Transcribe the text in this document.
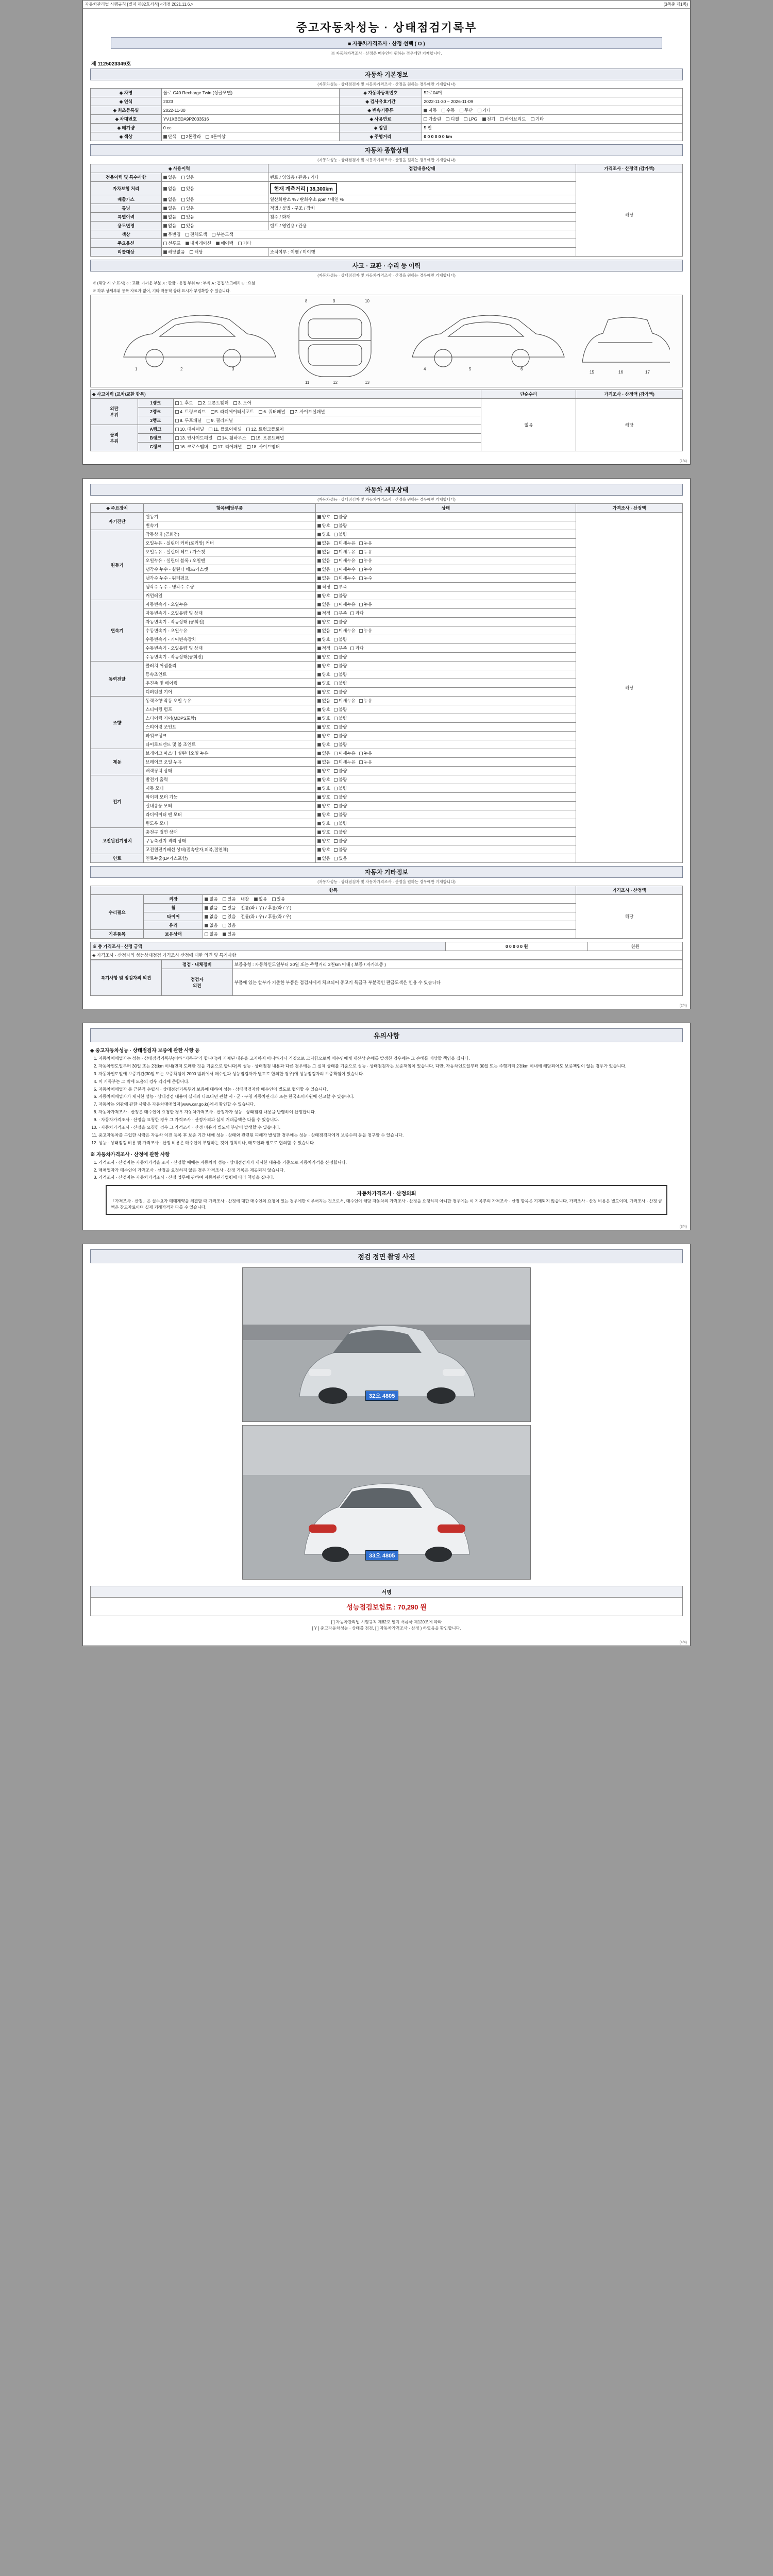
자동차관리법 시행규칙 [별지 제82호서식] <개정 2021.11.6.>	(3쪽중 제1쪽)
중고자동차성능 · 상태점검기록부
■ 자동차가격조사 · 산정 선택 ( O )
※ 자동차가격조사 · 산정은 매수인이 원하는 경우에만 기재합니다.
제 1125023349호
자동차 기본정보
(자동차성능 · 상태점검자 및 자동차가격조사 · 산정을 원하는 경우에만 기재합니다)
◈ 차명	폴로 C40 Recharge Twin (싱글모델)	◈ 자동차등록번호	52로04머
◈ 연식	2023	◈ 검사유효기간	2022-11-30 ~ 2026-11-09
◈ 최초등록일	2022-11-30	◈ 변속기종류	자동 수동 무단 기타
◈ 차대번호	YV1XBEDA9P2033516	◈ 사용연료	가솔린 디젤 LPG 전기 하이브리드 기타
◈ 배기량	0 cc	◈ 정원	5 인
◈ 색상	단색 2톤칼라 3톤이상	◈ 주행거리	0 0 0 0 0 0 km
자동차 종합상태
(자동차성능 · 상태점검자 및 자동차가격조사 · 산정을 원하는 경우에만 기재합니다)
◈ 사용이력		점검내용/상태	가격조사 · 산정액 (감가액)
전용이력 및 특수사항	없음 있음	렌트 / 영업용 / 관용 / 기타	해당
자차보험 처리	없음 있음	현재 계측거리 | 38,300km	
배출가스	없음 있음	일산화탄소 % / 탄화수소 ppm / 매연 %	
튜닝	없음 있음	적법 / 불법 · 구조 / 장치	
특별이력	없음 있음	침수 / 화재	
용도변경	없음 있음	렌트 / 영업용 / 관용	
색상	무변경 전체도색 부분도색		
주요옵션	선루프 내비게이션 에어백 기타		
리콜대상	해당없음 해당	조치여부 : 이행 / 미이행	
사고 · 교환 · 수리 등 이력
(자동차성능 · 상태점검자 및 자동차가격조사 · 산정을 원하는 경우에만 기재합니다)
※ (해당 시 '√' 표시) ○ : 교환, 가까운 부분 X : 판금 · 용접 부위 W : 부식 A : 흠집/스크래치 U : 요철
※ 하부 상세부위 등록 자료가 없어, 기타 작용적 상태 표시가 부정확할 수 있습니다.
1	2	3
8	9	10
11	12	13
4	5	6
15	16	17
◈ 사고이력 (교차/교환 항목)			단순수리	가격조사 · 산정액 (감가액)
외판
부위	1랭크	1. 후드 2. 프론트휀더 3. 도어	없음	해당
	2랭크	4. 트렁크리드 5. 라디에이터서포트 6. 쿼터패널 7. 사이드실패널		
	3랭크	8. 루프패널 9. 필러패널		
골격
부위	A랭크	10. 대쉬패널 11. 플로어패널 12. 트렁크플로어		
	B랭크	13. 인사이드패널 14. 휠하우스 15. 프론트패널		
	C랭크	16. 크로스멤버 17. 리어패널 18. 사이드멤버		
(1/4)
자동차 세부상태
(자동차성능 · 상태점검자 및 자동차가격조사 · 산정을 원하는 경우에만 기재합니다)
◈ 주요장치	항목/해당부품	상태	가격조사 · 산정액
자기진단	원동기	양호 불량	해당
	변속기	양호 불량	
원동기	작동상태 (공회전)	양호 불량	
	오일누유 - 실린더 커버(로커암) 커버	없음 미세누유 누유	
	오일누유 - 실린더 헤드 / 가스켓	없음 미세누유 누유	
	오일누유 - 실린더 블록 / 오일팬	없음 미세누유 누유	
	냉각수 누수 - 실린더 헤드/가스켓	없음 미세누수 누수	
	냉각수 누수 - 워터펌프	없음 미세누수 누수	
	냉각수 누수 - 냉각수 수량	적정 부족	
	커먼레일	양호 불량	
변속기	자동변속기 - 오일누유	없음 미세누유 누유	
	자동변속기 - 오일유량 및 상태	적정 부족 과다	
	자동변속기 - 작동상태 (공회전)	양호 불량	
	수동변속기 - 오일누유	없음 미세누유 누유	
	수동변속기 - 기어변속장치	양호 불량	
	수동변속기 - 오일유량 및 상태	적정 부족 과다	
	수동변속기 - 작동상태(공회전)	양호 불량	
동력전달	클러치 어셈블리	양호 불량	
	등속조인트	양호 불량	
	추진축 및 베어링	양호 불량	
	디퍼렌셜 기어	양호 불량	
조향	동력조향 작동 오일 누유	없음 미세누유 누유	
	스티어링 펌프	양호 불량	
	스티어링 기어(MDPS포함)	양호 불량	
	스티어링 조인트	양호 불량	
	파워크랭크	양호 불량	
	타이로드엔드 및 볼 조인트	양호 불량	
제동	브레이크 마스터 실린더오일 누유	없음 미세누유 누유	
	브레이크 오일 누유	없음 미세누유 누유	
	배력장치 상태	양호 불량	
전기	발전기 출력	양호 불량	
	시동 모터	양호 불량	
	와이퍼 모터 기능	양호 불량	
	실내송풍 모터	양호 불량	
	라디에이터 팬 모터	양호 불량	
	윈도우 모터	양호 불량	
고전원전기장치	충전구 절연 상태	양호 불량	
	구동축전지 격리 상태	양호 불량	
	고전원전기배선 상태(접속단자,피복,절연체)	양호 불량	
연료	연료누출(LP가스포함)	없음 있음	
자동차 기타정보
(자동차성능 · 상태점검자 및 자동차가격조사 · 산정을 원하는 경우에만 기재합니다)
항목			가격조사 · 산정액
수리필요	외장	없음 있음 내장 없음 있음	해당
	휠	없음 있음 전륜(좌 / 우) / 후륜(좌 / 우)	
	타이어	없음 있음 전륜(좌 / 우) / 후륜(좌 / 우)	
	유리	없음 있음	
기본품목	보유상태	없음 있음	
※ 총 가격조사 · 산정 금액	0 0 0 0 0 원	천원
◈ 가격조사 · 산정자의 성능상태점검 가격조사 산정에 대한 의견 및 특기사항
특기사항 및 점검자의 의견	점검 · 내체정비	보증유형 : 자동차인도일부터 30일 또는 주행거리 2천km 이내 ( 보증 / 자가보증 )
	점검자
의견	부품에 있는 할부가 기준한 부품은 점검시에서 체크되어 중고기 특급규 부분적인 판금도색은 인용 수 있습니다
(2/4)
유의사항
◈ 중고자동차성능 · 상태점검자 보증에 관한 사항 등
1. 자동차매매업자는 성능 · 상태점검기록부(이하 "기록부"라 합니다)에 기재된 내용을 고지하지 아니하거나 거짓으로 고지함으로써 매수인에게 재산상 손해를 발생한 경우에는 그 손해를 배상할 책임을 집니다.
2. 자동차인도일부터 30일 또는 2천km 이내(먼저 도래한 것을 기준으로 합니다)의 성능 · 상태점검 내용과 다른 경우에는 그 실제 상태를 기준으로 성능 · 상태점검자는 보증책임이 있습니다. 다만, 자동차인도일부터 30일 또는 주행거리 2천km 이내에 해당되어도 보증책임이 없는 경우가 있습니다.
3. 자동차인도일에 보증기간(30일 또는 보증책임이 2000 범위에서 매수인과 성능점검자가 별도로 합의한 경우)에 성능점검자의 보증책임이 있습니다.
4. 이 기록부는 그 밖에 도움의 경우 각각에 준합니다.
5. 자동차매매업자 등 근본적 수립시 · 상태점검기록부와 보증에 대하여 성능 · 상태점검자와 매수인이 별도로 협의할 수 있습니다.
6. 자동차매매업자가 제시한 성능 · 상태점검 내용이 실제와 다르다면 관할 시 · 군 · 구청 자동차관리과 또는 한국소비자원에 신고할 수 있습니다.
7. 자동차는 외관에 관한 사항은 자동차매매업자(www.car.go.kr)에서 확인할 수 있습니다.
8. 자동차가격조사 · 산정은 매수인이 요청한 경우 자동차가격조사 · 산정자가 성능 · 상태점검 내용을 반영하여 산정합니다.
9. · 자동차가격조사 · 산정을 요청한 경우 그 가격조사 · 산정가격과 실제 거래금액은 다를 수 있습니다.
10. · 자동차가격조사 · 산정을 요청한 경우 그 가격조사 · 산정 비용의 별도의 부담이 발생할 수 있습니다.
11. 중고자동차를 구입한 사람은 자동차 이전 등록 후 보증 기간 내에 성능 · 상태와 관련된 피해가 발생한 경우에는 성능 · 상태점검자에게 보증수리 등을 청구할 수 있습니다.
12. 성능 · 상태점검 비용 및 가격조사 · 산정 비용은 매수인이 부담하는 것이 원칙이나, 매도인과 별도로 협의할 수 있습니다.
※ 자동차가격조사 · 산정에 관한 사항
1. 가격조사 · 산정자는 자동차가격을 조사 · 산정할 때에는 자동차의 성능 · 상태점검자가 제시한 내용을 기준으로 자동차가격을 산정합니다.
2. 매매업자가 매수인이 가격조사 · 산정을 요청하지 않은 경우 가격조사 · 산정 기록은 제공되지 않습니다.
3. 가격조사 · 산정자는 자동차가격조사 · 산정 업무에 관하여 자동차관리법령에 따라 책임을 집니다.
자동차가격조사 · 산정의뢰

「가격조사 · 산정」은 실수요가 매매계약을 체결할 때 가격조사 · 산정에 대한 매수인의 요청이 있는 경우에만 이루어지는 것으로서, 매수인이 해당 자동차의 가격조사 · 산정을 요청하지 아니한 경우에는 이 기록부의 가격조사 · 산정 항목은 기재되지 않습니다. 가격조사 · 산정 비용은 별도이며, 가격조사 · 산정 금액은 참고자료이며 실제 거래가격과 다를 수 있습니다.

(3/4)
점검 정면 촬영 사진
32오 4805
33오 4805
서명
성능점검보험료 : 70,290 원
[ ] 자동차관리법 시행규칙 제82호 별지 서류국 제120조에 따라
[ Y ] 중고자동차성능 · 상태를 점검, [ ] 자동차가격조사 · 산정 ) 하였음을 확인합니다.
(4/4)
